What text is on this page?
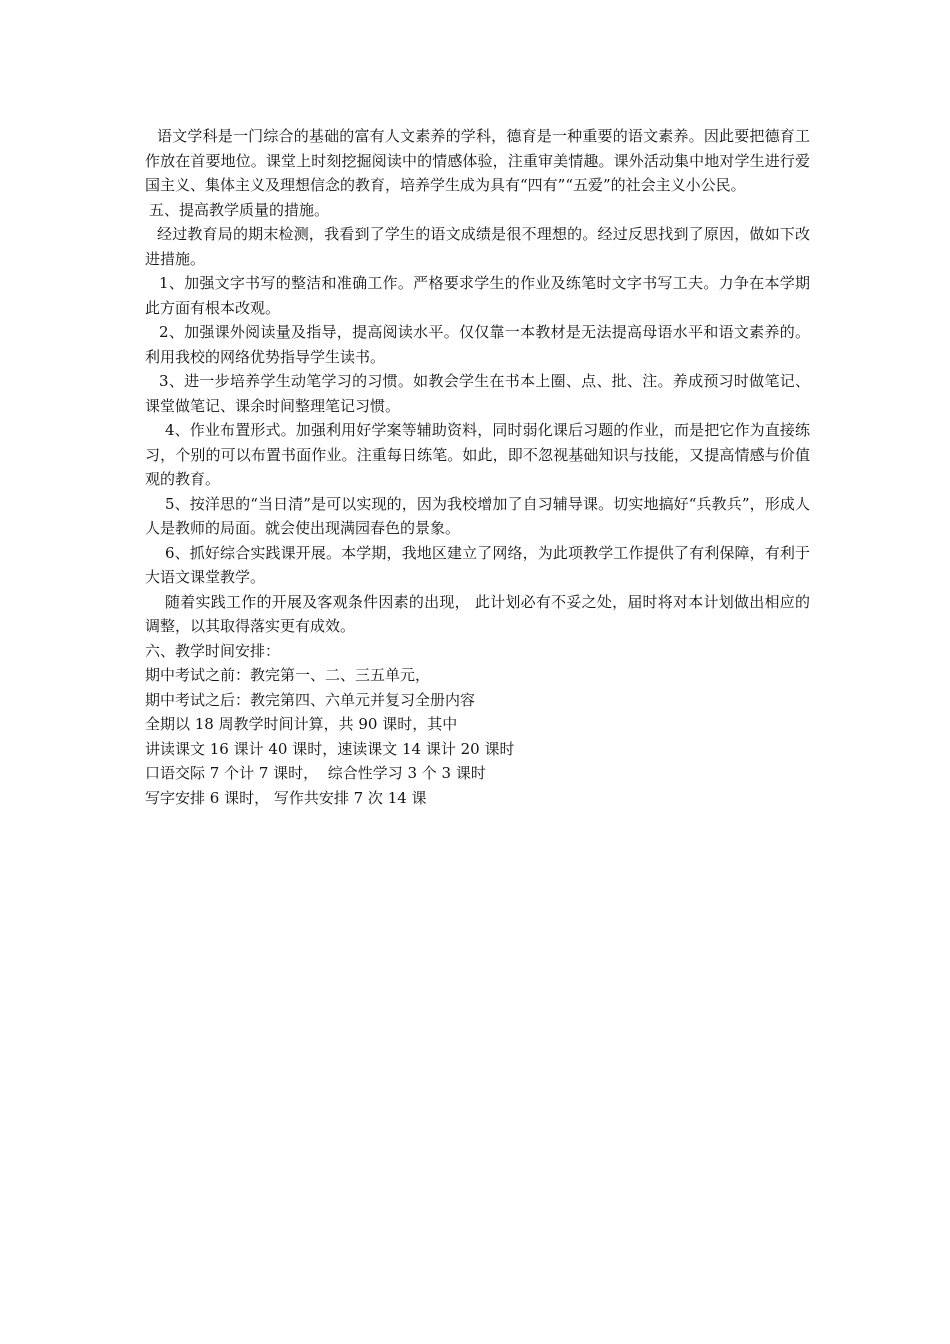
语文学科是一门综合的基础的富有人文素养的学科，德育是一种重要的语文素养。因此要把德育工作放在首要地位。课堂上时刻挖掘阅读中的情感体验，注重审美情趣。课外活动集中地对学生进行爱国主义、集体主义及理想信念的教育，培养学生成为具有“四有”“五爱”的社会主义小公民。

五、提高教学质量的措施。

经过教育局的期末检测，我看到了学生的语文成绩是很不理想的。经过反思找到了原因，做如下改进措施。

1、加强文字书写的整洁和准确工作。严格要求学生的作业及练笔时文字书写工夫。力争在本学期此方面有根本改观。

2、加强课外阅读量及指导，提高阅读水平。仅仅靠一本教材是无法提高母语水平和语文素养的。利用我校的网络优势指导学生读书。

3、进一步培养学生动笔学习的习惯。如教会学生在书本上圈、点、批、注。养成预习时做笔记、课堂做笔记、课余时间整理笔记习惯。

4、作业布置形式。加强利用好学案等辅助资料，同时弱化课后习题的作业，而是把它作为直接练习，个别的可以布置书面作业。注重每日练笔。如此，即不忽视基础知识与技能，又提高情感与价值观的教育。

5、按洋思的“当日清”是可以实现的，因为我校增加了自习辅导课。切实地搞好“兵教兵”，形成人人是教师的局面。就会使出现满园春色的景象。

6、抓好综合实践课开展。本学期，我地区建立了网络，为此项教学工作提供了有利保障，有利于大语文课堂教学。

随着实践工作的开展及客观条件因素的出现， 此计划必有不妥之处，届时将对本计划做出相应的调整，以其取得落实更有成效。

六、教学时间安排：

期中考试之前：教完第一、二、三五单元，

期中考试之后：教完第四、六单元并复习全册内容

全期以 18 周教学时间计算，共 90 课时，其中

讲读课文 16 课计 40 课时，速读课文 14 课计 20 课时

口语交际 7 个计 7 课时，  综合性学习 3 个 3 课时

写字安排 6 课时， 写作共安排 7 次 14 课
